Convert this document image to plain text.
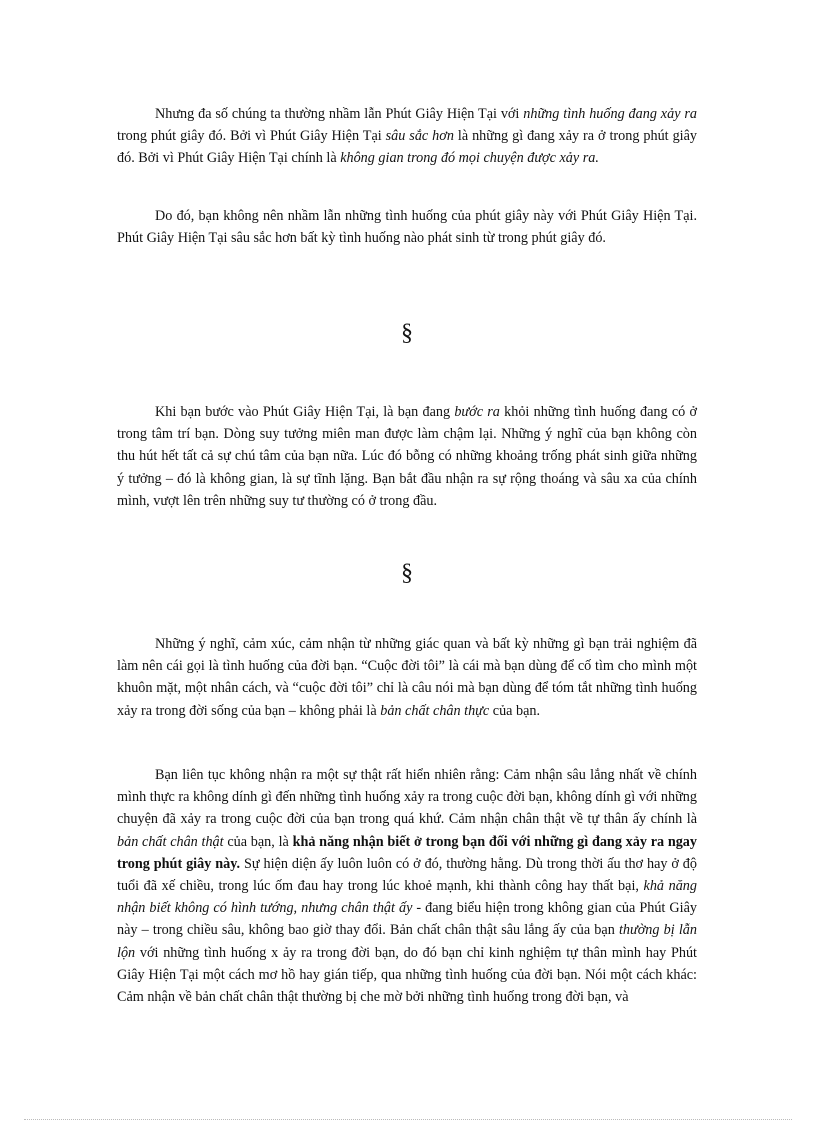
Nhưng đa số chúng ta thường nhầm lẫn Phút Giây Hiện Tại với những tình huống đang xảy ra trong phút giây đó. Bởi vì Phút Giây Hiện Tại sâu sắc hơn là những gì đang xảy ra ở trong phút giây đó. Bởi vì Phút Giây Hiện Tại chính là không gian trong đó mọi chuyện được xảy ra.

Do đó, bạn không nên nhầm lẫn những tình huống của phút giây này với Phút Giây Hiện Tại. Phút Giây Hiện Tại sâu sắc hơn bất kỳ tình huống nào phát sinh từ trong phút giây đó.

§

Khi bạn bước vào Phút Giây Hiện Tại, là bạn đang bước ra khỏi những tình huống đang có ở trong tâm trí bạn. Dòng suy tưởng miên man được làm chậm lại. Những ý nghĩ của bạn không còn thu hút hết tất cả sự chú tâm của bạn nữa. Lúc đó bỗng có những khoảng trống phát sinh giữa những ý tưởng – đó là không gian, là sự tĩnh lặng. Bạn bắt đầu nhận ra sự rộng thoáng và sâu xa của chính mình, vượt lên trên những suy tư thường có ở trong đầu.

§

Những ý nghĩ, cảm xúc, cảm nhận từ những giác quan và bất kỳ những gì bạn trải nghiệm đã làm nên cái gọi là tình huống của đời bạn. “Cuộc đời tôi” là cái mà bạn dùng để cố tìm cho mình một khuôn mặt, một nhân cách, và “cuộc đời tôi” chỉ là câu nói mà bạn dùng để tóm tắt những tình huống xảy ra trong đời sống của bạn – không phải là bản chất chân thực của bạn.

Bạn liên tục không nhận ra một sự thật rất hiển nhiên rằng: Cảm nhận sâu lắng nhất về chính mình thực ra không dính gì đến những tình huống xảy ra trong cuộc đời bạn, không dính gì với những chuyện đã xảy ra trong cuộc đời của bạn trong quá khứ. Cảm nhận chân thật về tự thân ấy chính là bản chất chân thật của bạn, là khả năng nhận biết ở trong bạn đối với những gì đang xảy ra ngay trong phút giây này. Sự hiện diện ấy luôn luôn có ở đó, thường hằng. Dù trong thời ấu thơ hay ở độ tuổi đã xế chiều, trong lúc ốm đau hay trong lúc khoẻ mạnh, khi thành công hay thất bại, khả năng nhận biết không có hình tướng, nhưng chân thật ấy - đang biểu hiện trong không gian của Phút Giây này – trong chiều sâu, không bao giờ thay đổi. Bản chất chân thật sâu lắng ấy của bạn thường bị lẫn lộn với những tình huống x ảy ra trong đời bạn, do đó bạn chỉ kinh nghiệm tự thân mình hay Phút Giây Hiện Tại một cách mơ hồ hay gián tiếp, qua những tình huống của đời bạn. Nói một cách khác: Cảm nhận về bản chất chân thật thường bị che mờ bởi những tình huống trong đời bạn, và
